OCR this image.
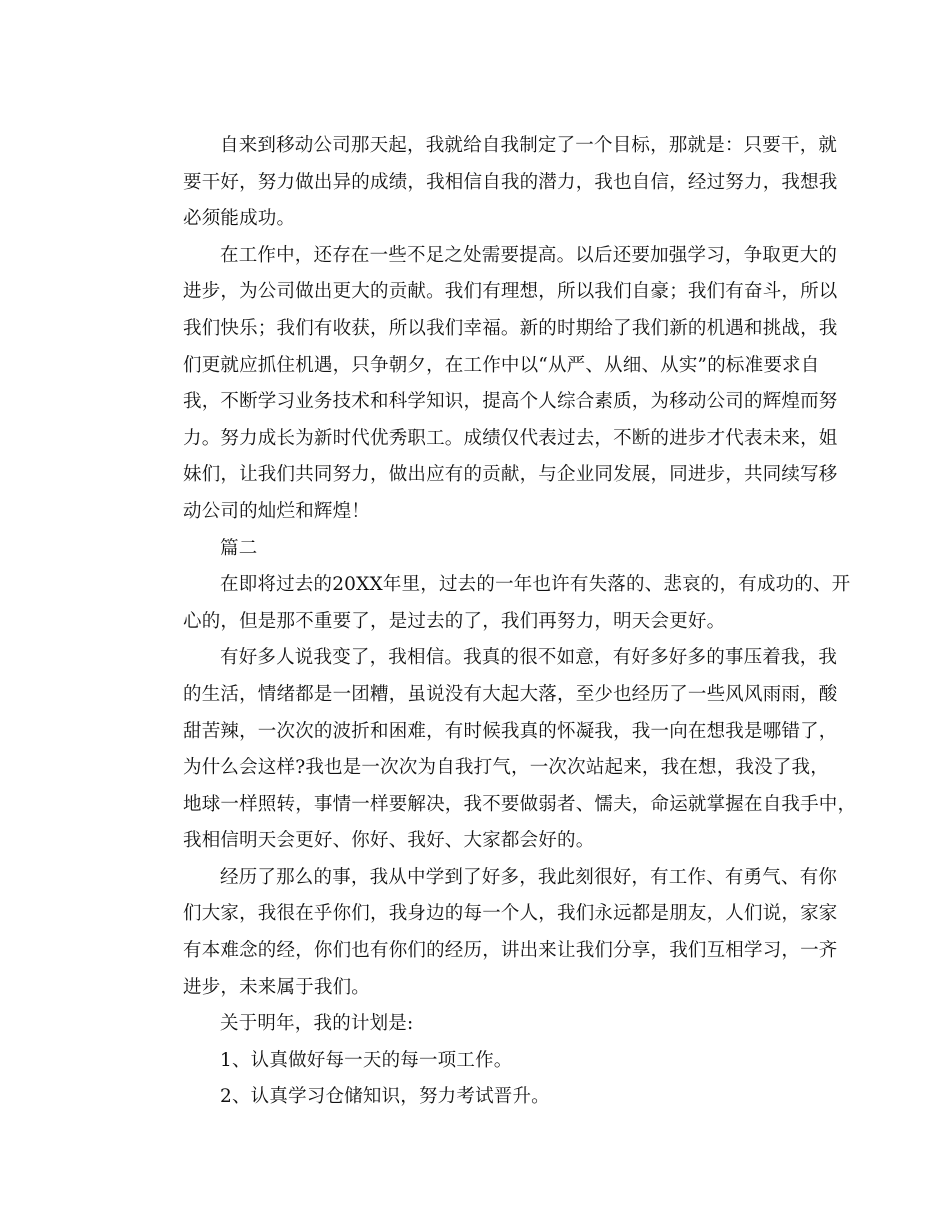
自来到移动公司那天起，我就给自我制定了一个目标，那就是：只要干，就
要干好，努力做出异的成绩，我相信自我的潜力，我也自信，经过努力，我想我
必须能成功。
在工作中，还存在一些不足之处需要提高。以后还要加强学习，争取更大的
进步，为公司做出更大的贡献。我们有理想，所以我们自豪；我们有奋斗，所以
我们快乐；我们有收获，所以我们幸福。新的时期给了我们新的机遇和挑战，我
们更就应抓住机遇，只争朝夕，在工作中以“从严、从细、从实”的标准要求自
我，不断学习业务技术和科学知识，提高个人综合素质，为移动公司的辉煌而努
力。努力成长为新时代优秀职工。成绩仅代表过去，不断的进步才代表未来，姐
妹们，让我们共同努力，做出应有的贡献，与企业同发展，同进步，共同续写移
动公司的灿烂和辉煌！
篇二
在即将过去的20XX年里，过去的一年也许有失落的、悲哀的，有成功的、开
心的，但是那不重要了，是过去的了，我们再努力，明天会更好。
有好多人说我变了，我相信。我真的很不如意，有好多好多的事压着我，我
的生活，情绪都是一团糟，虽说没有大起大落，至少也经历了一些风风雨雨，酸
甜苦辣，一次次的波折和困难，有时候我真的怀凝我，我一向在想我是哪错了，
为什么会这样?我也是一次次为自我打气，一次次站起来，我在想，我没了我，
地球一样照转，事情一样要解决，我不要做弱者、懦夫，命运就掌握在自我手中，
我相信明天会更好、你好、我好、大家都会好的。
经历了那么的事，我从中学到了好多，我此刻很好，有工作、有勇气、有你
们大家，我很在乎你们，我身边的每一个人，我们永远都是朋友，人们说，家家
有本难念的经，你们也有你们的经历，讲出来让我们分享，我们互相学习，一齐
进步，未来属于我们。
关于明年，我的计划是:
1、认真做好每一天的每一项工作。
2、认真学习仓储知识，努力考试晋升。
